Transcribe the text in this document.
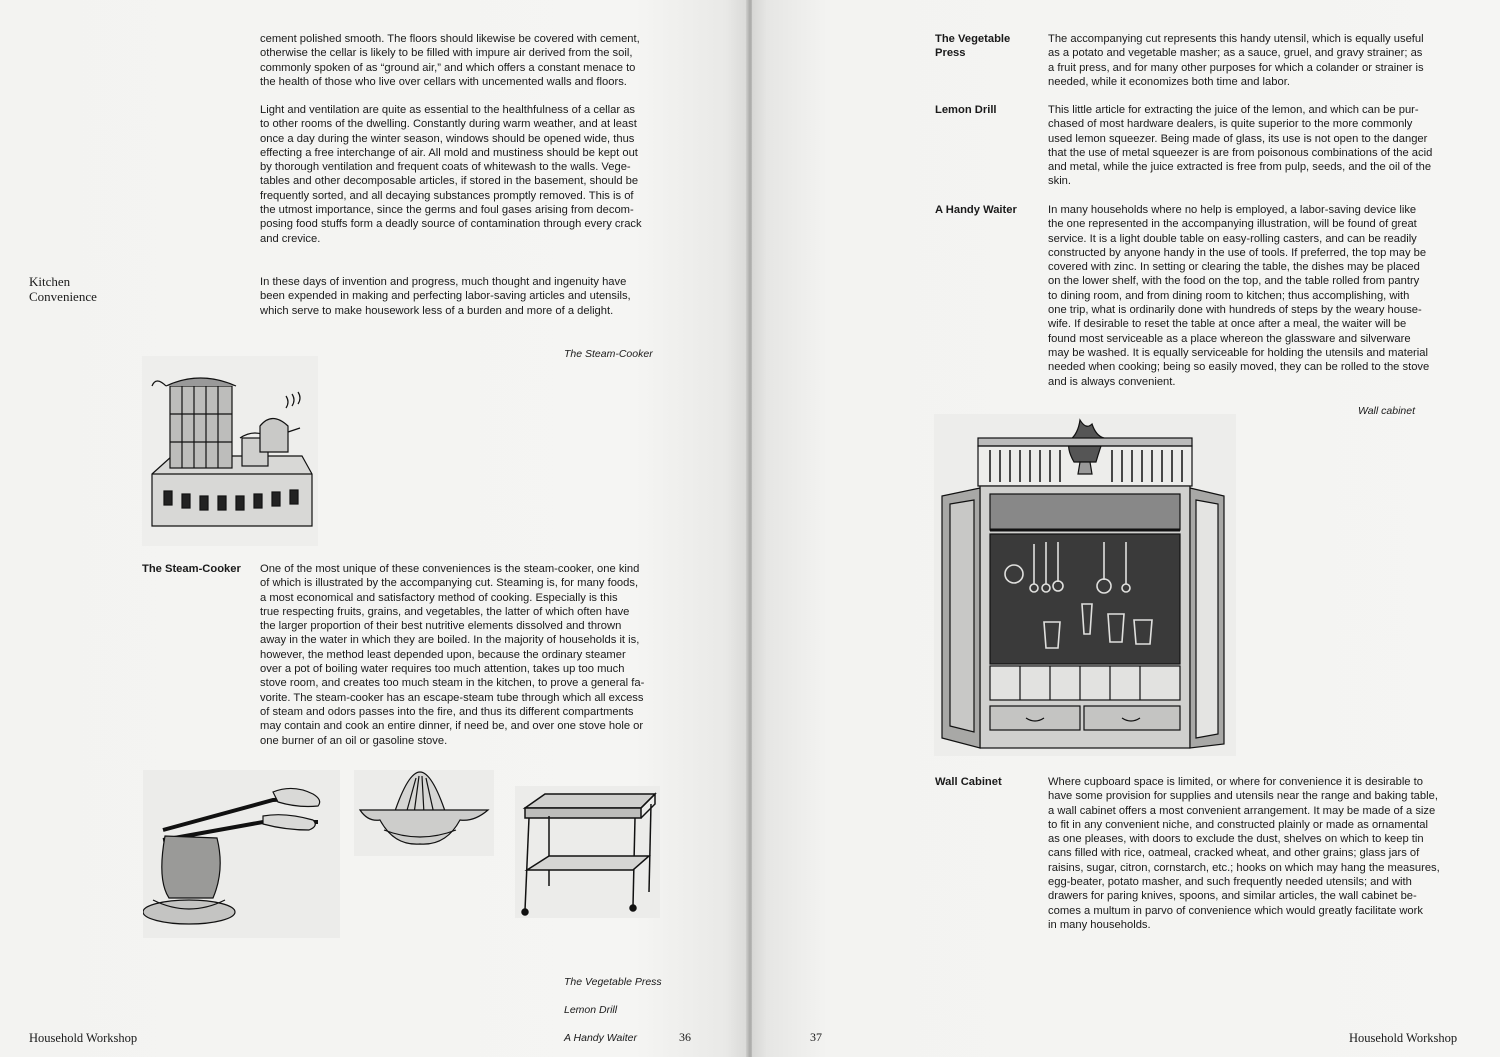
cement polished smooth. The floors should likewise be covered with cement,
otherwise the cellar is likely to be filled with impure air derived from the soil,
commonly spoken of as “ground air,” and which offers a constant menace to
the health of those who live over cellars with uncemented walls and floors.

Light and ventilation are quite as essential to the healthfulness of a cellar as
to other rooms of the dwelling. Constantly during warm weather, and at least
once a day during the winter season, windows should be opened wide, thus
effecting a free interchange of air. All mold and mustiness should be kept out
by thorough ventilation and frequent coats of whitewash to the walls. Vege-
tables and other decomposable articles, if stored in the basement, should be
frequently sorted, and all decaying substances promptly removed. This is of
the utmost importance, since the germs and foul gases arising from decom-
posing food stuffs form a deadly source of contamination through every crack
and crevice.

Kitchen
Convenience

In these days of invention and progress, much thought and ingenuity have
been expended in making and perfecting labor-saving articles and utensils,
which serve to make housework less of a burden and more of a delight.

The Steam-Cooker
The Steam-Cooker One of the most unique of these conveniences is the steam-cooker, one kind
of which is illustrated by the accompanying cut. Steaming is, for many foods,
a most economical and satisfactory method of cooking. Especially is this
true respecting fruits, grains, and vegetables, the latter of which often have
the larger proportion of their best nutritive elements dissolved and thrown
away in the water in which they are boiled. In the majority of households it is,
however, the method least depended upon, because the ordinary steamer
over a pot of boiling water requires too much attention, takes up too much
stove room, and creates too much steam in the kitchen, to prove a general fa-
vorite. The steam-cooker has an escape-steam tube through which all excess
of steam and odors passes into the fire, and thus its different compartments
may contain and cook an entire dinner, if need be, and over one stove hole or
one burner of an oil or gasoline stove.

The Vegetable Press

Lemon Drill

A Handy Waiter

Household Workshop	36
The Vegetable
Press

The accompanying cut represents this handy utensil, which is equally useful
as a potato and vegetable masher; as a sauce, gruel, and gravy strainer; as
a fruit press, and for many other purposes for which a colander or strainer is
needed, while it economizes both time and labor.

Lemon Drill	This little article for extracting the juice of the lemon, and which can be pur-
chased of most hardware dealers, is quite superior to the more commonly
used lemon squeezer. Being made of glass, its use is not open to the danger
that the use of metal squeezer is are from poisonous combinations of the acid
and metal, while the juice extracted is free from pulp, seeds, and the oil of the
skin.

A Handy Waiter	In many households where no help is employed, a labor-saving device like
the one represented in the accompanying illustration, will be found of great
service. It is a light double table on easy-rolling casters, and can be readily
constructed by anyone handy in the use of tools. If preferred, the top may be
covered with zinc. In setting or clearing the table, the dishes may be placed
on the lower shelf, with the food on the top, and the table rolled from pantry
to dining room, and from dining room to kitchen; thus accomplishing, with
one trip, what is ordinarily done with hundreds of steps by the weary house-
wife. If desirable to reset the table at once after a meal, the waiter will be
found most serviceable as a place whereon the glassware and silverware
may be washed. It is equally serviceable for holding the utensils and material
needed when cooking; being so easily moved, they can be rolled to the stove
and is always convenient.

Wall cabinet
Wall Cabinet	Where cupboard space is limited, or where for convenience it is desirable to
have some provision for supplies and utensils near the range and baking table,
a wall cabinet offers a most convenient arrangement. It may be made of a size
to fit in any convenient niche, and constructed plainly or made as ornamental
as one pleases, with doors to exclude the dust, shelves on which to keep tin
cans filled with rice, oatmeal, cracked wheat, and other grains; glass jars of
raisins, sugar, citron, cornstarch, etc.; hooks on which may hang the measures,
egg-beater, potato masher, and such frequently needed utensils; and with
drawers for paring knives, spoons, and similar articles, the wall cabinet be-
comes a multum in parvo of convenience which would greatly facilitate work
in many households.

37	Household Workshop
